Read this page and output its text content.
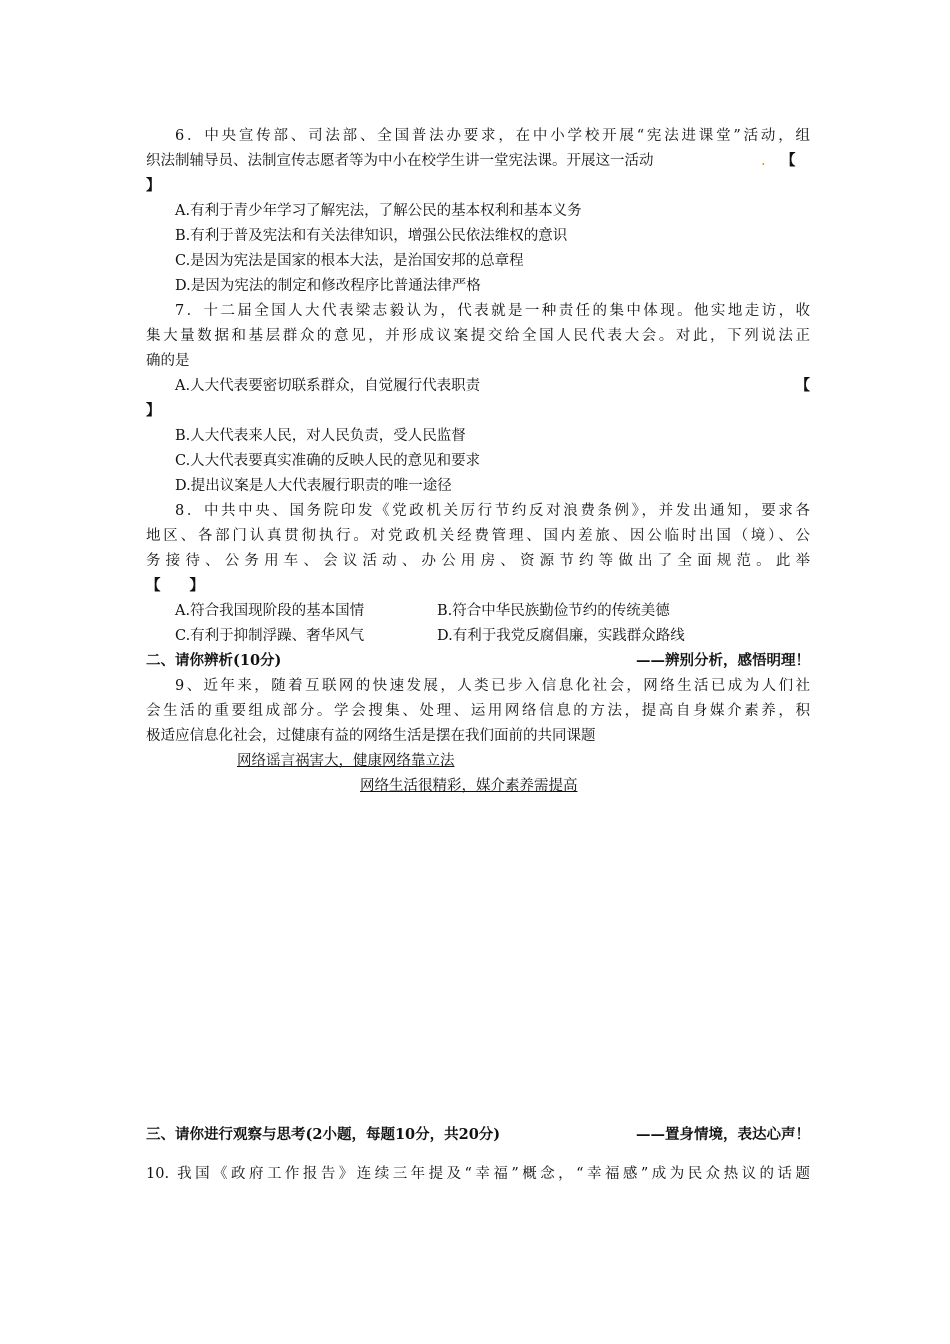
6．中央宣传部、司法部、全国普法办要求，在中小学校开展“宪法进课堂”活动，组
织法制辅导员、法制宣传志愿者等为中小在校学生讲一堂宪法课。开展这一活动	. 【
】
A.有利于青少年学习了解宪法，了解公民的基本权利和基本义务
B.有利于普及宪法和有关法律知识，增强公民依法维权的意识
C.是因为宪法是国家的根本大法，是治国安邦的总章程
D.是因为宪法的制定和修改程序比普通法律严格
7．十二届全国人大代表梁志毅认为，代表就是一种责任的集中体现。他实地走访，收
集大量数据和基层群众的意见，并形成议案提交给全国人民代表大会。对此，下列说法正
确的是
A.人大代表要密切联系群众，自觉履行代表职责	【
】
B.人大代表来人民，对人民负责，受人民监督
C.人大代表要真实准确的反映人民的意见和要求
D.提出议案是人大代表履行职责的唯一途径
8．中共中央、国务院印发《党政机关厉行节约反对浪费条例》，并发出通知，要求各
地区、各部门认真贯彻执行。对党政机关经费管理、国内差旅、因公临时出国（境）、公
务接待、公务用车、会议活动、办公用房、资源节约等做出了全面规范。此举
【　　】
A.符合我国现阶段的基本国情	B.符合中华民族勤俭节约的传统美德
C.有利于抑制浮躁、奢华风气	D.有利于我党反腐倡廉，实践群众路线
二、请你辨析(10分)	——辨别分析，感悟明理！
9、近年来，随着互联网的快速发展，人类已步入信息化社会，网络生活已成为人们社
会生活的重要组成部分。学会搜集、处理、运用网络信息的方法，提高自身媒介素养，积
极适应信息化社会，过健康有益的网络生活是摆在我们面前的共同课题
网络谣言祸害大，健康网络靠立法
网络生活很精彩，媒介素养需提高
三、请你进行观察与思考(2小题，每题10分，共20分)	——置身情境，表达心声！
10. 我国《政府工作报告》连续三年提及“幸福”概念，“幸福感”成为民众热议的话题
